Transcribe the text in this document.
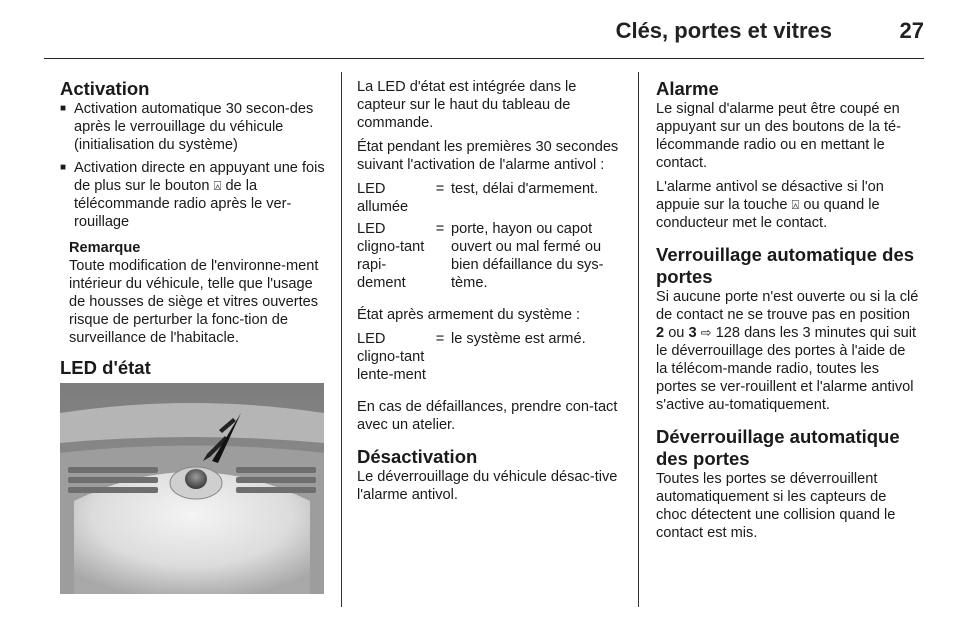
Clés, portes et vitres	27
Activation
■ Activation automatique 30 secon-des après le verrouillage du véhicule (initialisation du système)
■ Activation directe en appuyant une fois de plus sur le bouton ⍓ de la télécommande radio après le ver-rouillage
Remarque
Toute modification de l'environne-ment intérieur du véhicule, telle que l'usage de housses de siège et vitres ouvertes risque de perturber la fonc-tion de surveillance de l'habitacle.
LED d'état

La LED d'état est intégrée dans le capteur sur le haut du tableau de commande.

État pendant les premières 30 secondes suivant l'activation de l'alarme antivol :

LED allumée	=	test, délai d'armement.
LED cligno-tant rapi-dement	=	porte, hayon ou capot ouvert ou mal fermé ou bien défaillance du sys-tème.

État après armement du système :

LED cligno-tant lente-ment	=	le système est armé.

En cas de défaillances, prendre con-tact avec un atelier.

Désactivation

Le déverrouillage du véhicule désac-tive l'alarme antivol.

Alarme

Le signal d'alarme peut être coupé en appuyant sur un des boutons de la té-lécommande radio ou en mettant le contact.

L'alarme antivol se désactive si l'on appuie sur la touche ⍓ ou quand le conducteur met le contact.

Verrouillage automatique des portes

Si aucune porte n'est ouverte ou si la clé de contact ne se trouve pas en position 2 ou 3 ⇨ 128 dans les 3 minutes qui suit le déverrouillage des portes à l'aide de la télécom-mande radio, toutes les portes se ver-rouillent et l'alarme antivol s'active au-tomatiquement.

Déverrouillage automatique des portes

Toutes les portes se déverrouillent automatiquement si les capteurs de choc détectent une collision quand le contact est mis.
